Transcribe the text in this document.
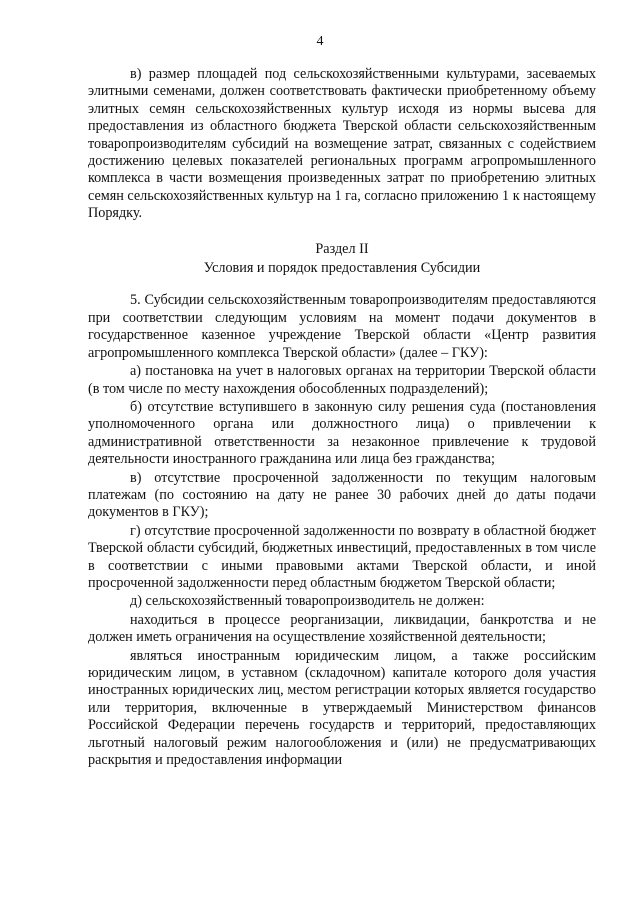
4

в) размер площадей под сельскохозяйственными культурами, засеваемых элитными семенами, должен соответствовать фактически приобретенному объему элитных семян сельскохозяйственных культур исходя из нормы высева для предоставления из областного бюджета Тверской области сельскохозяйственным товаропроизводителям субсидий на возмещение затрат, связанных с содействием достижению целевых показателей региональных программ агропромышленного комплекса в части возмещения произведенных затрат по приобретению элитных семян сельскохозяйственных культур на 1 га, согласно приложению 1 к настоящему Порядку.

Раздел II

Условия и порядок предоставления Субсидии

5. Субсидии сельскохозяйственным товаропроизводителям предоставляются при соответствии следующим условиям на момент подачи документов в государственное казенное учреждение Тверской области «Центр развития агропромышленного комплекса Тверской области» (далее – ГКУ):

а) постановка на учет в налоговых органах на территории Тверской области (в том числе по месту нахождения обособленных подразделений);

б) отсутствие вступившего в законную силу решения суда (постановления уполномоченного органа или должностного лица) о привлечении к административной ответственности за незаконное привлечение к трудовой деятельности иностранного гражданина или лица без гражданства;

в) отсутствие просроченной задолженности по текущим налоговым платежам (по состоянию на дату не ранее 30 рабочих дней до даты подачи документов в ГКУ);

г) отсутствие просроченной задолженности по возврату в областной бюджет Тверской области субсидий, бюджетных инвестиций, предоставленных в том числе в соответствии с иными правовыми актами Тверской области, и иной просроченной задолженности перед областным бюджетом Тверской области;

д) сельскохозяйственный товаропроизводитель не должен:

находиться в процессе реорганизации, ликвидации, банкротства и не должен иметь ограничения на осуществление хозяйственной деятельности;

являться иностранным юридическим лицом, а также российским юридическим лицом, в уставном (складочном) капитале которого доля участия иностранных юридических лиц, местом регистрации которых является государство или территория, включенные в утверждаемый Министерством финансов Российской Федерации перечень государств и территорий, предоставляющих льготный налоговый режим налогообложения и (или) не предусматривающих раскрытия и предоставления информации
